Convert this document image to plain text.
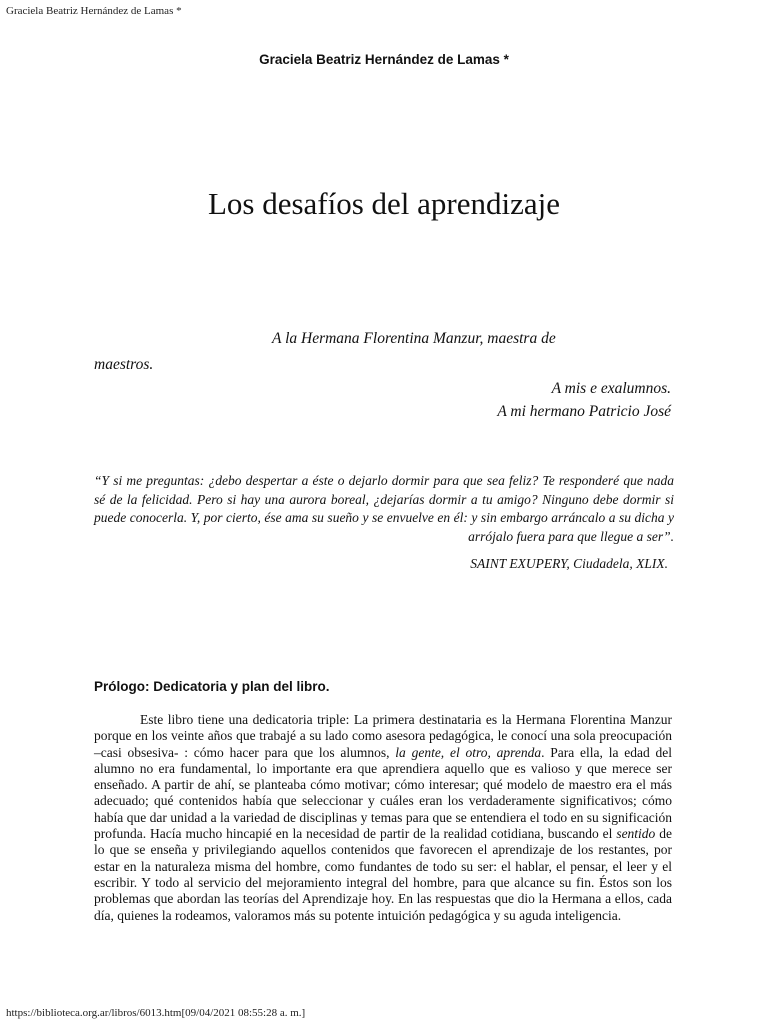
Graciela Beatriz Hernández de Lamas *
Graciela Beatriz Hernández de Lamas *
Los desafíos del aprendizaje
A la Hermana Florentina Manzur, maestra de
maestros.
A mis e exalumnos.
A mi hermano Patricio José
“Y si me preguntas: ¿debo despertar a éste o dejarlo dormir para que sea feliz? Te responderé que nada sé de la felicidad. Pero si hay una aurora boreal, ¿dejarías dormir a tu amigo? Ninguno debe dormir si puede conocerla. Y, por cierto, ése ama su sueño y se envuelve en él: y sin embargo arráncalo a su dicha y arrójalo fuera para que llegue a ser”.
SAINT EXUPERY, Ciudadela, XLIX.
Prólogo: Dedicatoria y plan del libro.
Este libro tiene una dedicatoria triple: La primera destinataria es la Hermana Florentina Manzur porque en los veinte años que trabajé a su lado como asesora pedagógica, le conocí una sola preocupación –casi obsesiva- : cómo hacer para que los alumnos, la gente, el otro, aprenda. Para ella, la edad del alumno no era fundamental, lo importante era que aprendiera aquello que es valioso y que merece ser enseñado. A partir de ahí, se planteaba cómo motivar; cómo interesar; qué modelo de maestro era el más adecuado; qué contenidos había que seleccionar y cuáles eran los verdaderamente significativos; cómo había que dar unidad a la variedad de disciplinas y temas para que se entendiera el todo en su significación profunda. Hacía mucho hincapié en la necesidad de partir de la realidad cotidiana, buscando el sentido de lo que se enseña y privilegiando aquellos contenidos que favorecen el aprendizaje de los restantes, por estar en la naturaleza misma del hombre, como fundantes de todo su ser: el hablar, el pensar, el leer y el escribir. Y todo al servicio del mejoramiento integral del hombre, para que alcance su fin. Éstos son los problemas que abordan las teorías del Aprendizaje hoy. En las respuestas que dio la Hermana a ellos, cada día, quienes la rodeamos, valoramos más su potente intuición pedagógica y su aguda inteligencia.
https://biblioteca.org.ar/libros/6013.htm[09/04/2021 08:55:28 a. m.]
